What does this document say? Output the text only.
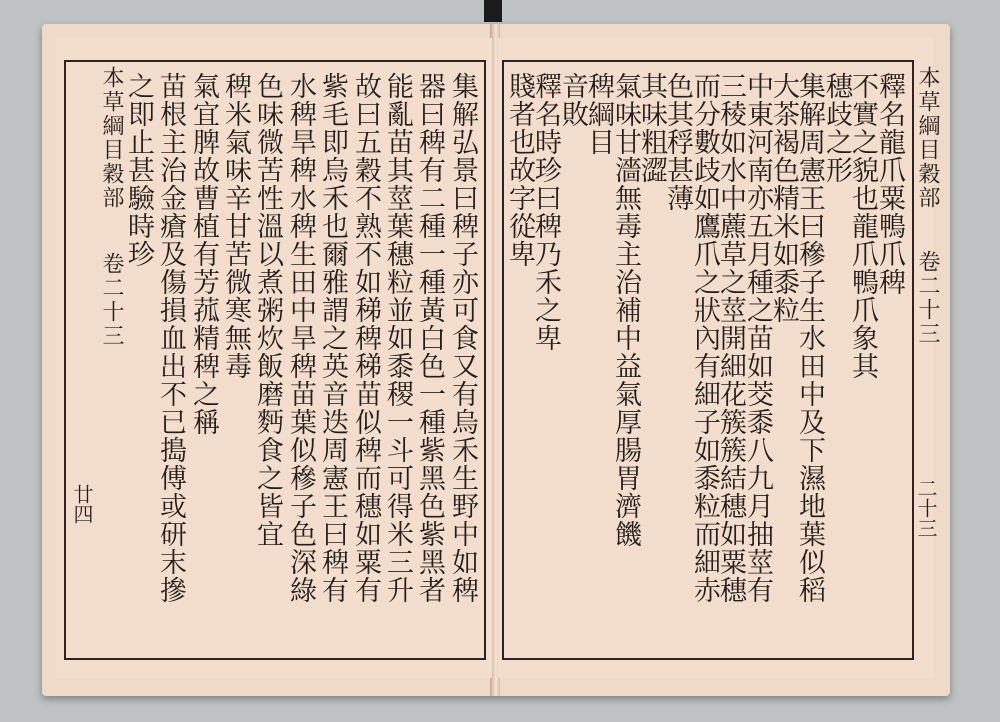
本草綱目穀部
卷二十三
廿四	集解弘景曰稗子亦可食又有烏禾生野中如稗
器曰稗有二種一種黃白色一種紫黑色紫黑者
能亂苗其莖葉穗粒並如黍稷一斗可得米三升
故曰五穀不熟不如稊稗稊苗似稗而穗如粟有
紫毛即烏禾也爾雅謂之英音迭周憲王曰稗有
水稗旱稗水稗生田中旱稗苗葉似穇子色深綠
色味微苦性溫以煮粥炊飯磨麪食之皆宜
稗米氣味辛甘苦微寒無毒
氣宜脾故曹植有芳菰精稗之稱
苗根主治金瘡及傷損血出不已搗傅或研末摻
之即止甚驗時珍	本草綱目穀部
卷二十三
二十三
釋名龍爪粟鴨爪稗
不實之貌也龍爪鴨爪象其
穗歧之形
集解周憲王曰穇子生水田中及下濕地葉似稻
大茶褐色精米如黍粒
中東河南亦五月種之苗如茭黍八九月抽莖有
三稜如水中藨草之莖開細花簇簇結穗如粟穗
而分數歧如鷹爪之狀內有細子如黍粒而細赤
色其稃甚薄
其味粗澀
氣味甘濇無毒主治補中益氣厚腸胃濟饑
稗綱目
音敗
釋名時珍曰稗乃禾之卑
賤者也故字從卑
